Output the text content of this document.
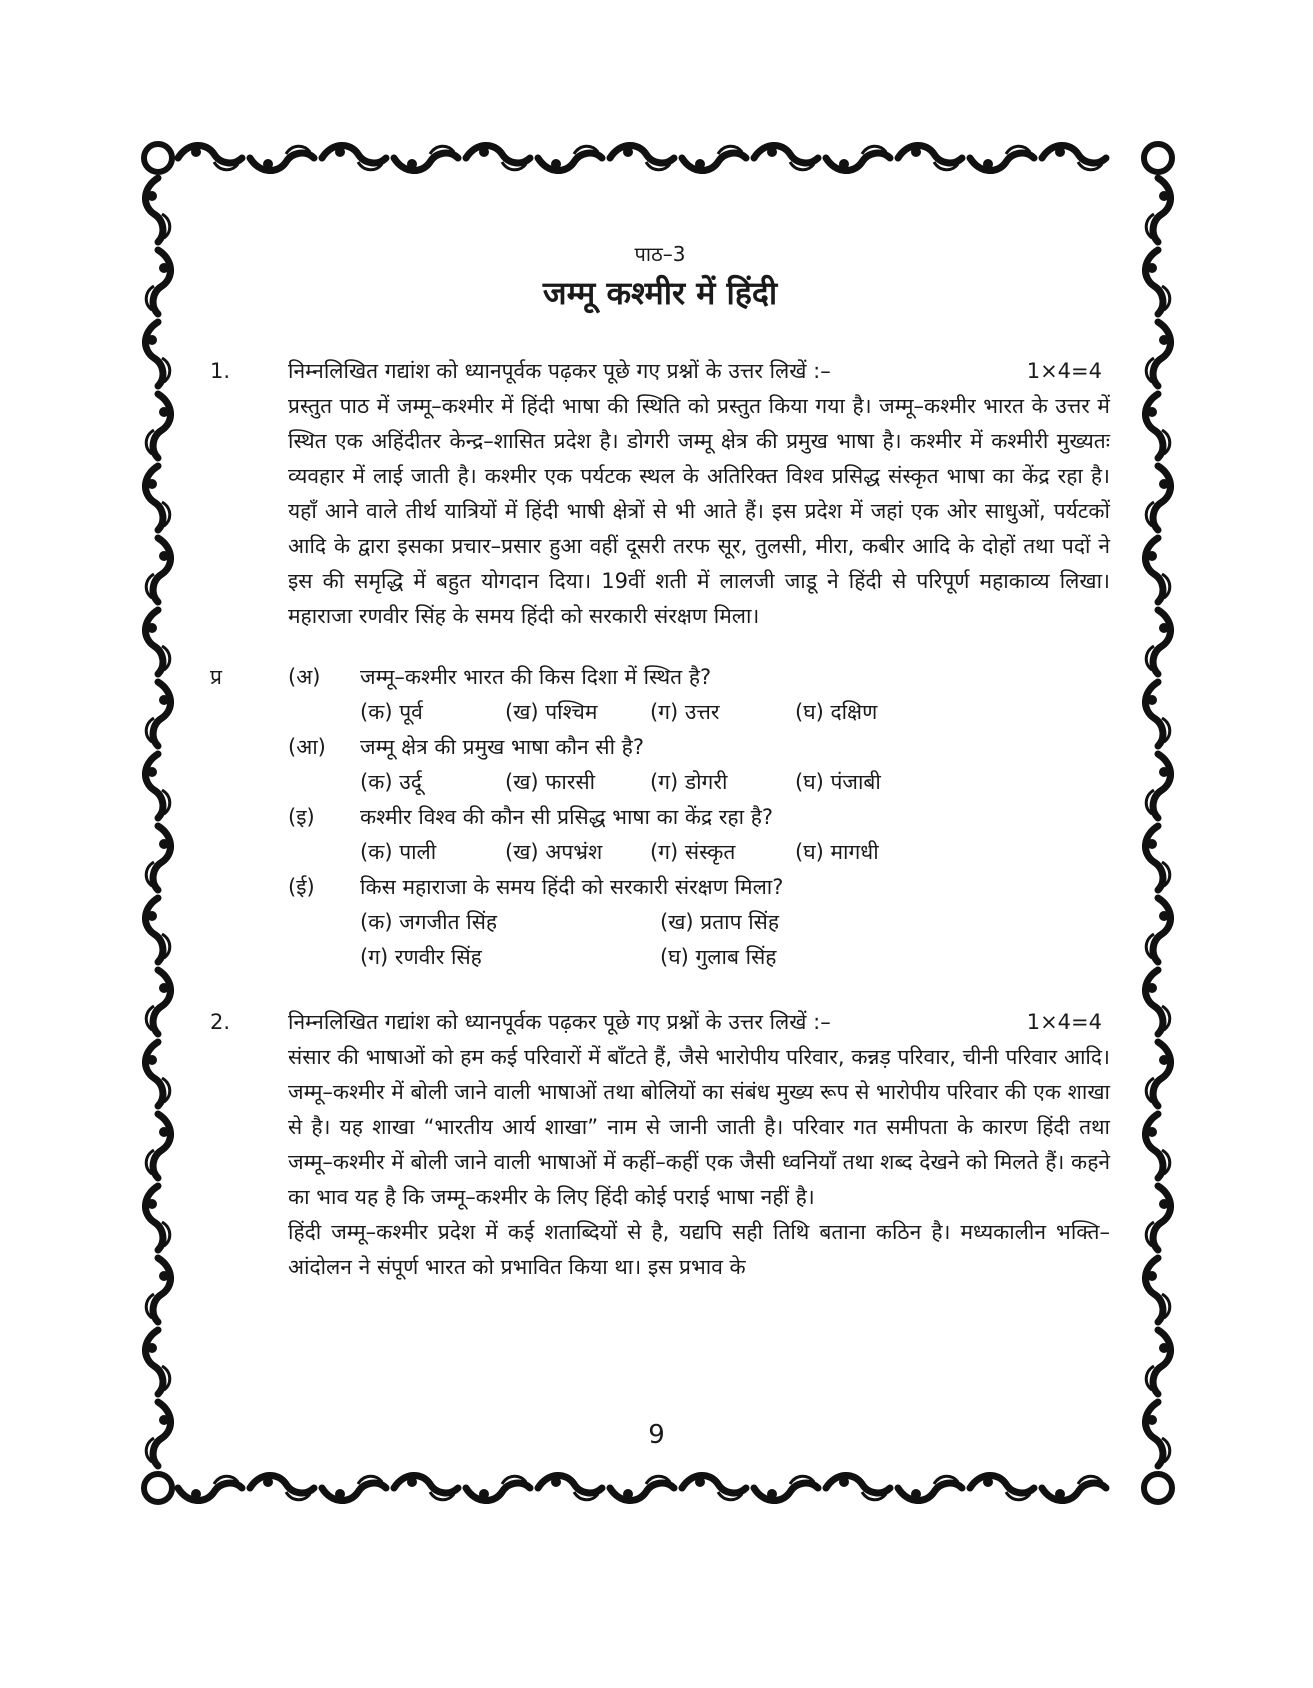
पाठ–3
जम्मू कश्मीर में हिंदी
1.	निम्नलिखित गद्यांश को ध्यानपूर्वक पढ़कर पूछे गए प्रश्नों के उत्तर लिखें :–	1×4=4

प्रस्तुत पाठ में जम्मू–कश्मीर में हिंदी भाषा की स्थिति को प्रस्तुत किया गया है। जम्मू–कश्मीर भारत के उत्तर में स्थित एक अहिंदीतर केन्द्र–शासित प्रदेश है। डोगरी जम्मू क्षेत्र की प्रमुख भाषा है। कश्मीर में कश्मीरी मुख्यतः व्यवहार में लाई जाती है। कश्मीर एक पर्यटक स्थल के अतिरिक्त विश्व प्रसिद्ध संस्कृत भाषा का केंद्र रहा है। यहाँ आने वाले तीर्थ यात्रियों में हिंदी भाषी क्षेत्रों से भी आते हैं। इस प्रदेश में जहां एक ओर साधुओं, पर्यटकों आदि के द्वारा इसका प्रचार–प्रसार हुआ वहीं दूसरी तरफ सूर, तुलसी, मीरा, कबीर आदि के दोहों तथा पदों ने इस की समृद्धि में बहुत योगदान दिया। 19वीं शती में लालजी जाडू ने हिंदी से परिपूर्ण महाकाव्य लिखा। महाराजा रणवीर सिंह के समय हिंदी को सरकारी संरक्षण मिला।

प्र	(अ)	जम्मू–कश्मीर भारत की किस दिशा में स्थित है?
(क) पूर्व	(ख) पश्चिम	(ग) उत्तर	(घ) दक्षिण
(आ)	जम्मू क्षेत्र की प्रमुख भाषा कौन सी है?
(क) उर्दू	(ख) फारसी	(ग) डोगरी	(घ) पंजाबी
(इ)	कश्मीर विश्व की कौन सी प्रसिद्ध भाषा का केंद्र रहा है?
(क) पाली	(ख) अपभ्रंश	(ग) संस्कृत	(घ) मागधी
(ई)	किस महाराजा के समय हिंदी को सरकारी संरक्षण मिला?
(क) जगजीत सिंह	(ख) प्रताप सिंह
(ग) रणवीर सिंह	(घ) गुलाब सिंह
2.	निम्नलिखित गद्यांश को ध्यानपूर्वक पढ़कर पूछे गए प्रश्नों के उत्तर लिखें :–	1×4=4

संसार की भाषाओं को हम कई परिवारों में बाँटते हैं, जैसे भारोपीय परिवार, कन्नड़ परिवार, चीनी परिवार आदि। जम्मू–कश्मीर में बोली जाने वाली भाषाओं तथा बोलियों का संबंध मुख्य रूप से भारोपीय परिवार की एक शाखा से है। यह शाखा “भारतीय आर्य शाखा” नाम से जानी जाती है। परिवार गत समीपता के कारण हिंदी तथा जम्मू–कश्मीर में बोली जाने वाली भाषाओं में कहीं–कहीं एक जैसी ध्वनियाँ तथा शब्द देखने को मिलते हैं। कहने का भाव यह है कि जम्मू–कश्मीर के लिए हिंदी कोई पराई भाषा नहीं है।

हिंदी जम्मू–कश्मीर प्रदेश में कई शताब्दियों से है, यद्यपि सही तिथि बताना कठिन है। मध्यकालीन भक्ति–आंदोलन ने संपूर्ण भारत को प्रभावित किया था। इस प्रभाव के

9
